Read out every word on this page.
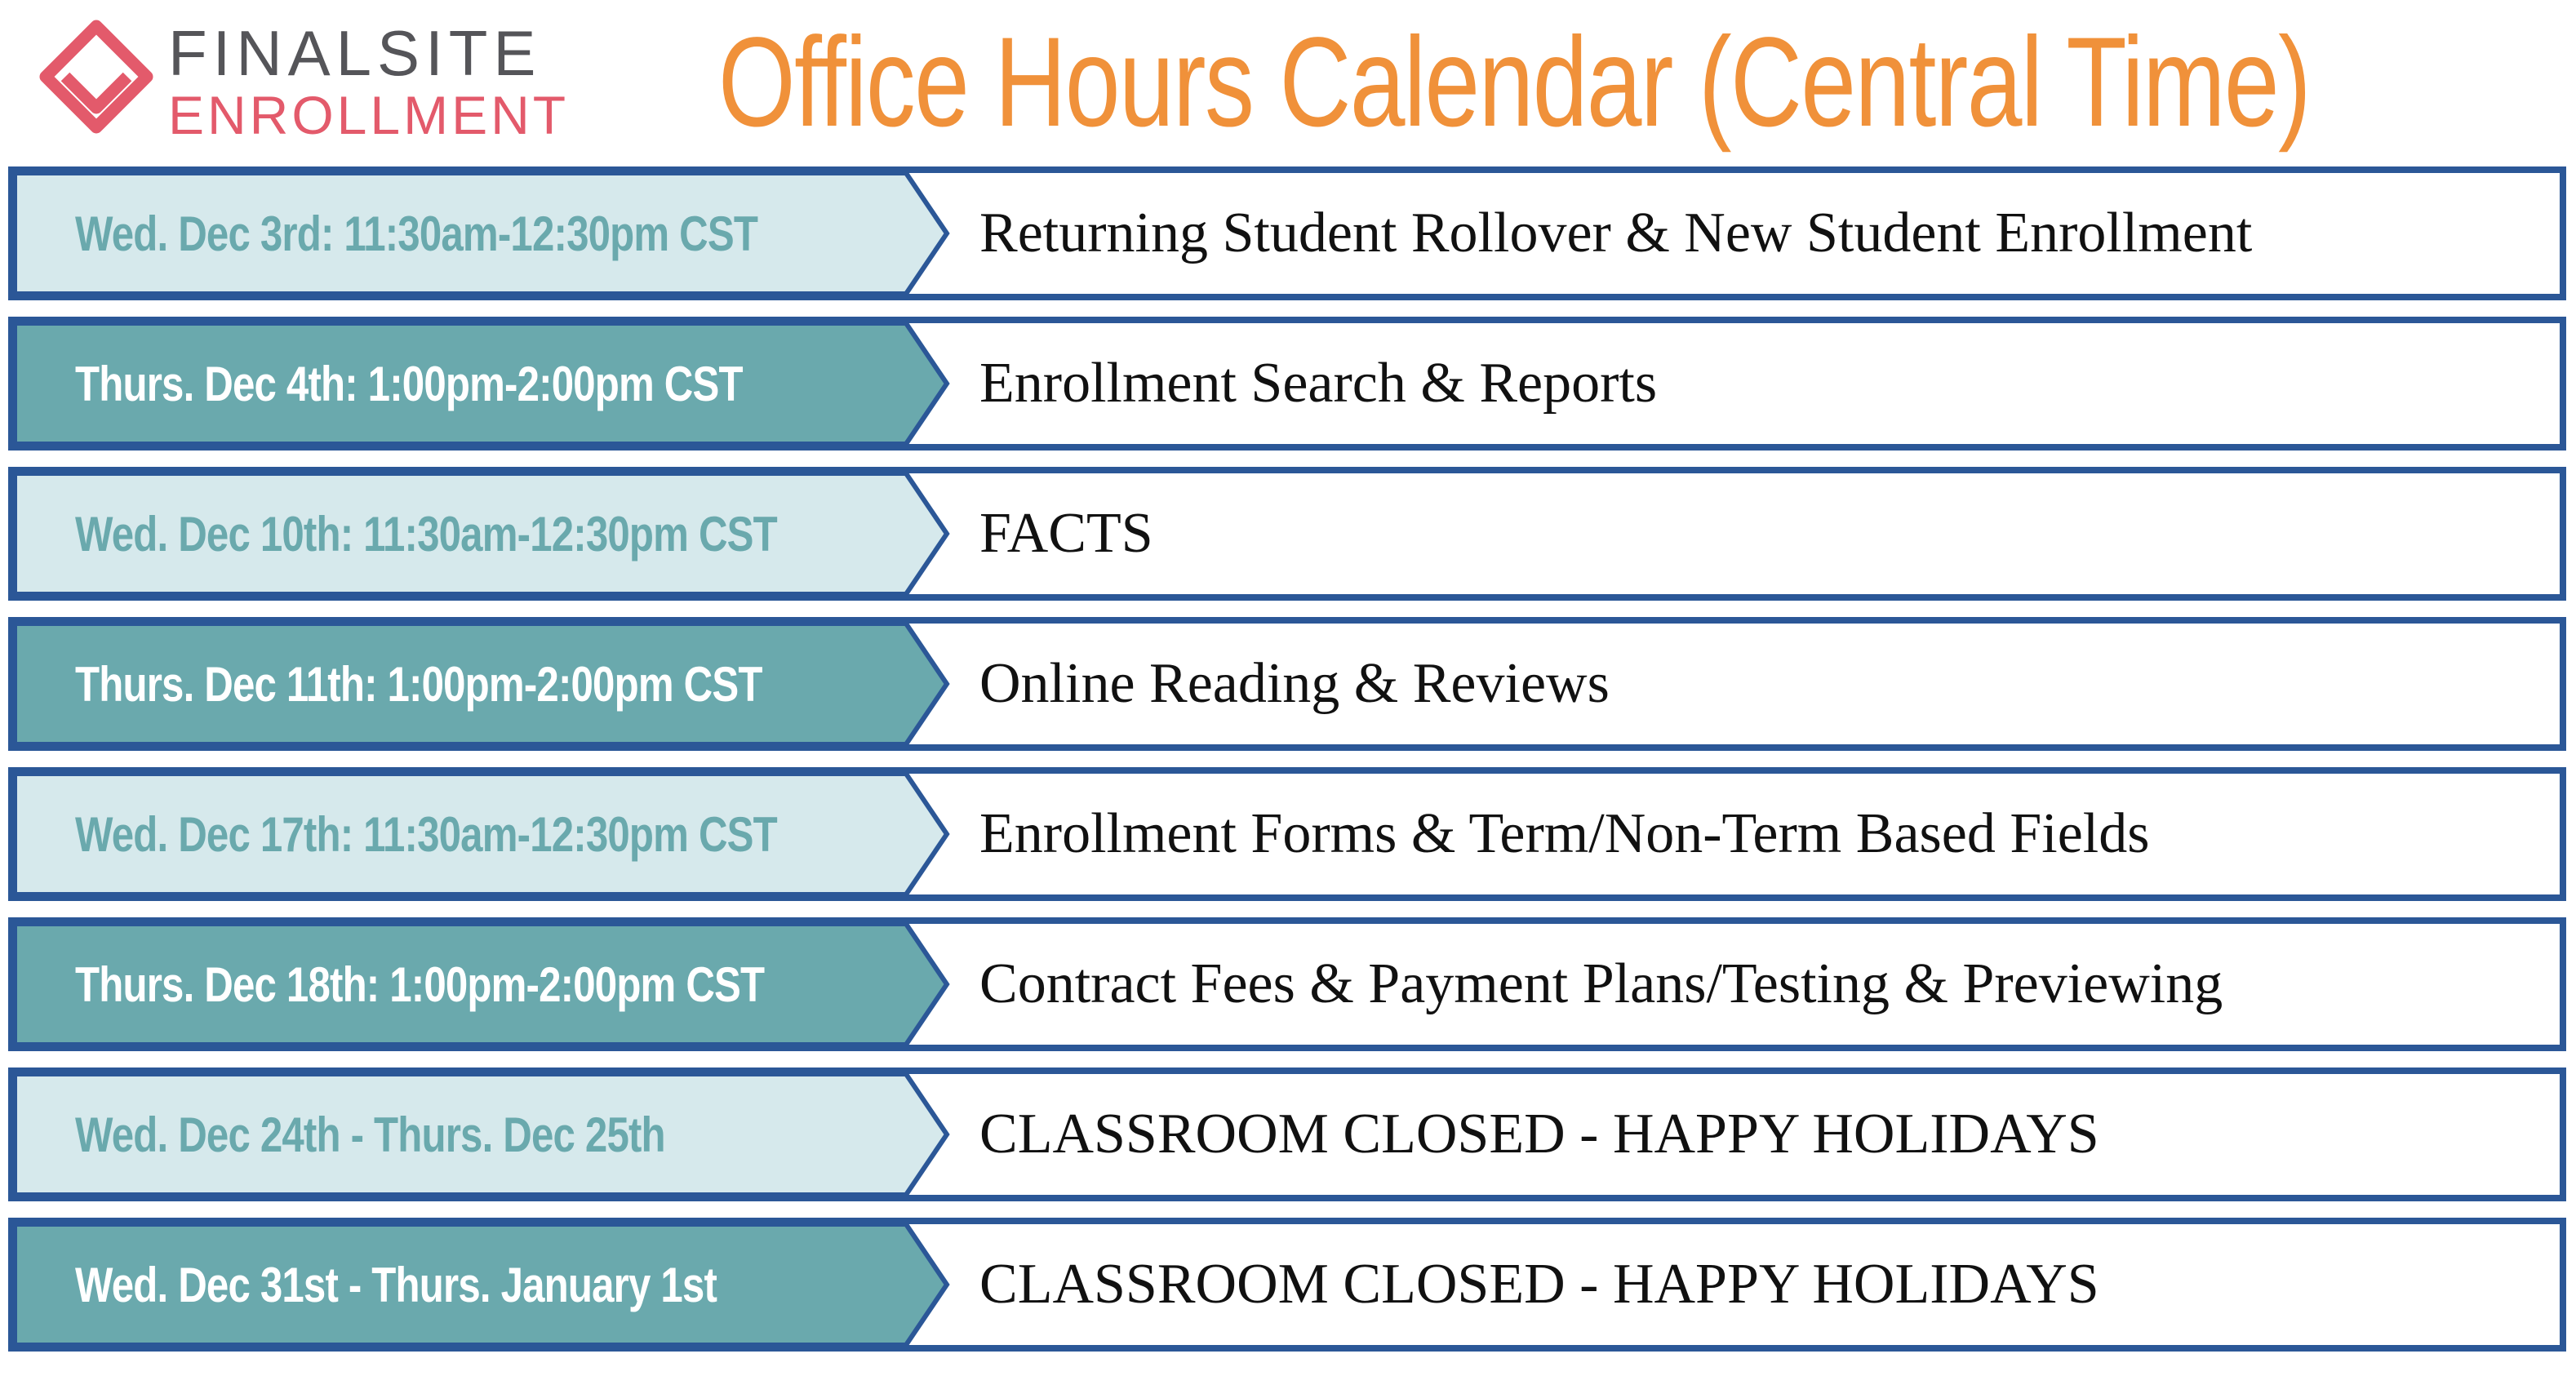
FINALSITE
ENROLLMENT Office Hours Calendar (Central Time)
Wed. Dec 3rd: 11:30am-12:30pm CST	Returning Student Rollover & New Student Enrollment
Thurs. Dec 4th: 1:00pm-2:00pm CST	Enrollment Search & Reports
Wed. Dec 10th: 11:30am-12:30pm CST	FACTS
Thurs. Dec 11th: 1:00pm-2:00pm CST	Online Reading & Reviews
Wed. Dec 17th: 11:30am-12:30pm CST	Enrollment Forms & Term/Non-Term Based Fields
Thurs. Dec 18th: 1:00pm-2:00pm CST	Contract Fees & Payment Plans/Testing & Previewing
Wed. Dec 24th - Thurs. Dec 25th	CLASSROOM CLOSED - HAPPY HOLIDAYS
Wed. Dec 31st - Thurs. January 1st	CLASSROOM CLOSED - HAPPY HOLIDAYS
